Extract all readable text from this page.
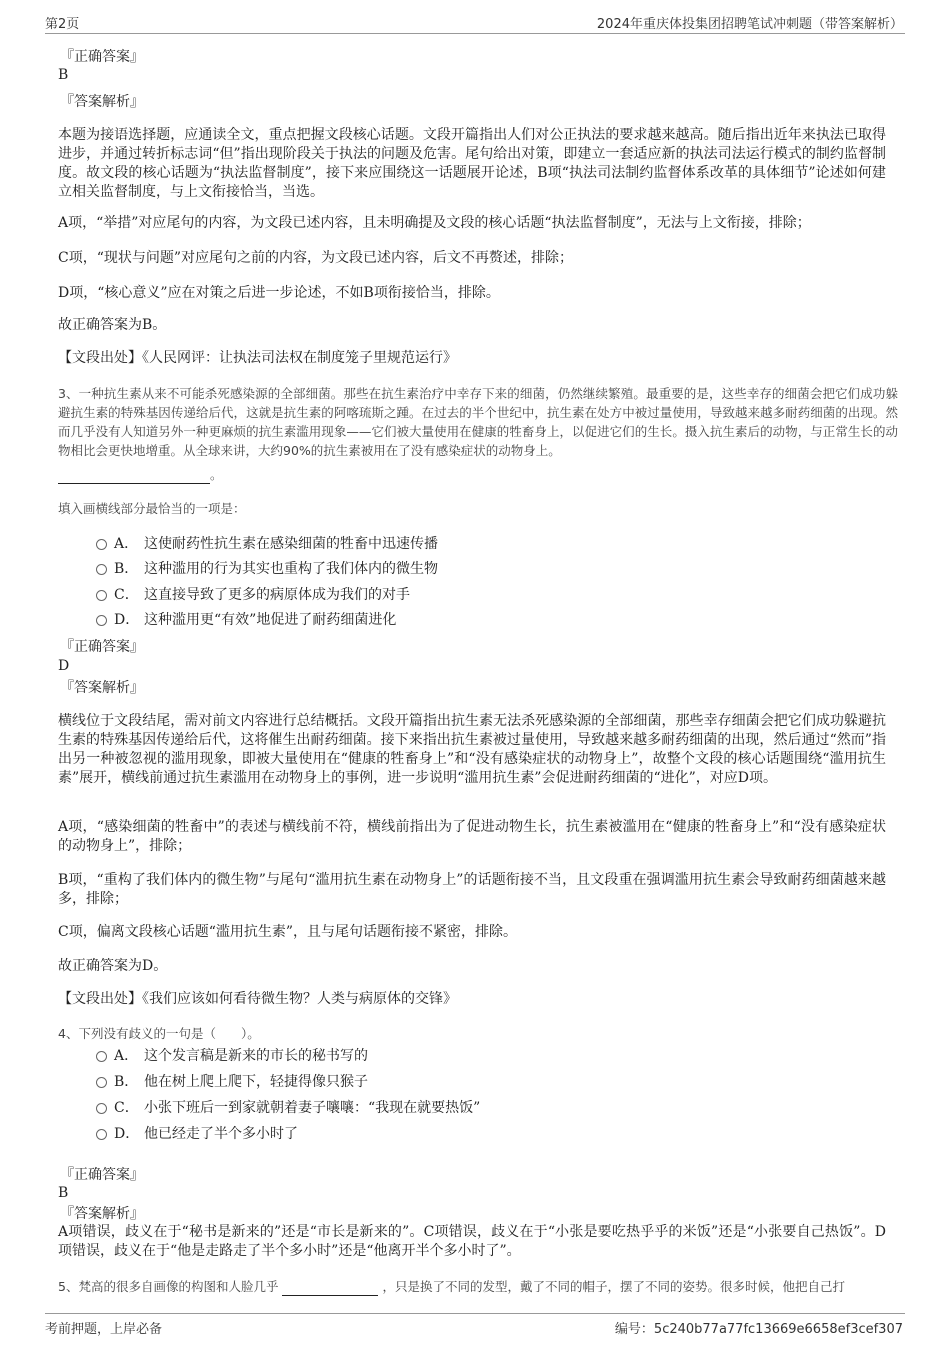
第2页	2024年重庆体投集团招聘笔试冲刺题（带答案解析）

『正确答案』

B

『答案解析』

本题为接语选择题，应通读全文，重点把握文段核心话题。文段开篇指出人们对公正执法的要求越来越高。随后指出近年来执法已取得进步，并通过转折标志词“但”指出现阶段关于执法的问题及危害。尾句给出对策，即建立一套适应新的执法司法运行模式的制约监督制度。故文段的核心话题为“执法监督制度”，接下来应围绕这一话题展开论述，B项“执法司法制约监督体系改革的具体细节”论述如何建立相关监督制度，与上文衔接恰当，当选。

A项，“举措”对应尾句的内容，为文段已述内容，且未明确提及文段的核心话题“执法监督制度”，无法与上文衔接，排除；

C项，“现状与问题”对应尾句之前的内容，为文段已述内容，后文不再赘述，排除；

D项，“核心意义”应在对策之后进一步论述，不如B项衔接恰当，排除。

故正确答案为B。

【文段出处】《人民网评：让执法司法权在制度笼子里规范运行》

3、一种抗生素从来不可能杀死感染源的全部细菌。那些在抗生素治疗中幸存下来的细菌，仍然继续繁殖。最重要的是，这些幸存的细菌会把它们成功躲避抗生素的特殊基因传递给后代，这就是抗生素的阿喀琉斯之踵。在过去的半个世纪中，抗生素在处方中被过量使用，导致越来越多耐药细菌的出现。然而几乎没有人知道另外一种更麻烦的抗生素滥用现象——它们被大量使用在健康的牲畜身上，以促进它们的生长。摄入抗生素后的动物，与正常生长的动物相比会更快地增重。从全球来讲，大约90%的抗生素被用在了没有感染症状的动物身上。

。

填入画横线部分最恰当的一项是：

A． 这使耐药性抗生素在感染细菌的牲畜中迅速传播
B． 这种滥用的行为其实也重构了我们体内的微生物
C． 这直接导致了更多的病原体成为我们的对手
D． 这种滥用更“有效”地促进了耐药细菌进化

『正确答案』

D

『答案解析』

横线位于文段结尾，需对前文内容进行总结概括。文段开篇指出抗生素无法杀死感染源的全部细菌，那些幸存细菌会把它们成功躲避抗生素的特殊基因传递给后代，这将催生出耐药细菌。接下来指出抗生素被过量使用，导致越来越多耐药细菌的出现，然后通过“然而”指出另一种被忽视的滥用现象，即被大量使用在“健康的牲畜身上”和“没有感染症状的动物身上”，故整个文段的核心话题围绕“滥用抗生素”展开，横线前通过抗生素滥用在动物身上的事例，进一步说明“滥用抗生素”会促进耐药细菌的“进化”，对应D项。

A项，“感染细菌的牲畜中”的表述与横线前不符，横线前指出为了促进动物生长，抗生素被滥用在“健康的牲畜身上”和“没有感染症状的动物身上”，排除；

B项，“重构了我们体内的微生物”与尾句“滥用抗生素在动物身上”的话题衔接不当，且文段重在强调滥用抗生素会导致耐药细菌越来越多，排除；

C项，偏离文段核心话题“滥用抗生素”，且与尾句话题衔接不紧密，排除。

故正确答案为D。

【文段出处】《我们应该如何看待微生物？人类与病原体的交锋》

4、下列没有歧义的一句是（　　）。

A． 这个发言稿是新来的市长的秘书写的
B． 他在树上爬上爬下，轻捷得像只猴子
C． 小张下班后一到家就朝着妻子嚷嚷：“我现在就要热饭”
D． 他已经走了半个多小时了

『正确答案』

B

『答案解析』

A项错误，歧义在于“秘书是新来的”还是“市长是新来的”。C项错误，歧义在于“小张是要吃热乎乎的米饭”还是“小张要自己热饭”。D项错误，歧义在于“他是走路走了半个多小时”还是“他离开半个多小时了”。

5、梵高的很多自画像的构图和人脸几乎	，只是换了不同的发型，戴了不同的帽子，摆了不同的姿势。很多时候，他把自己打

考前押题，上岸必备	编号：5c240b77a77fc13669e6658ef3cef307
